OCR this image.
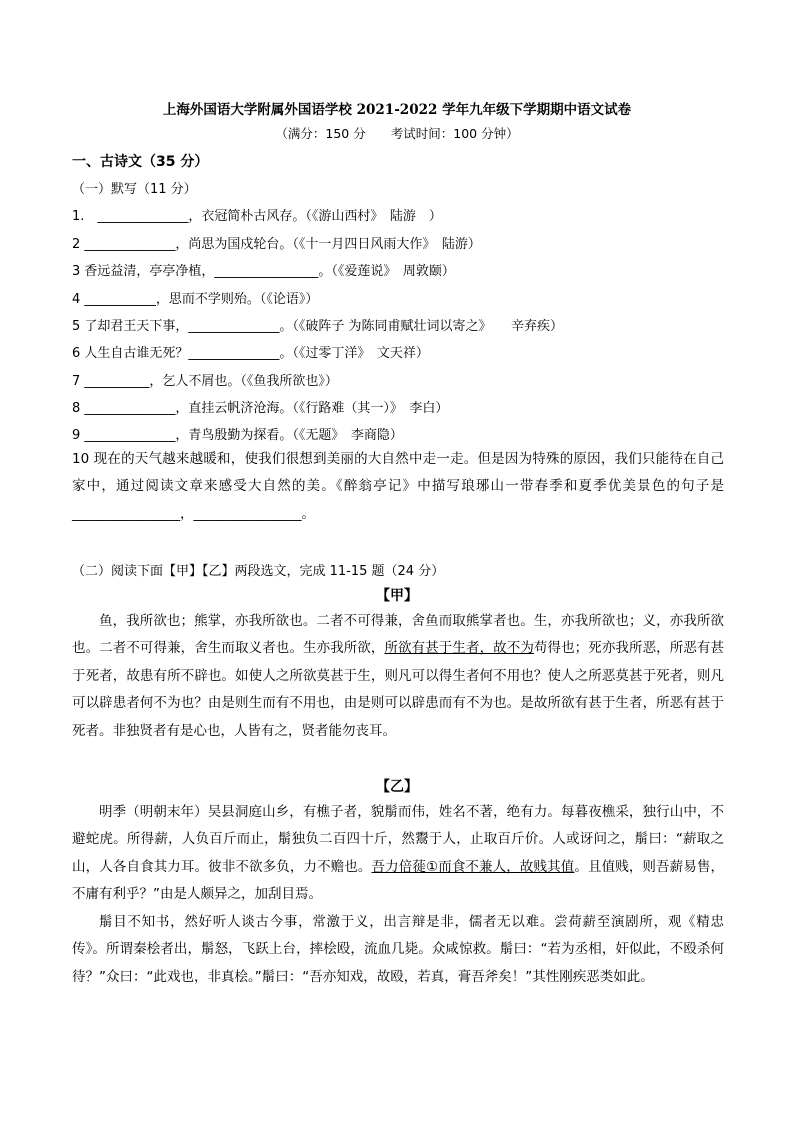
上海外国语大学附属外国语学校 2021-2022 学年九年级下学期期中语文试卷
（满分：150 分　　考试时间：100 分钟）
一、古诗文（35 分）
（一）默写（11 分）
1.　______________，衣冠简朴古风存。（《游山西村》　陆游　）
2 ______________，尚思为国戍轮台。（《十一月四日风雨大作》　陆游）
3 香远益清，亭亭净植，________________。（《爱莲说》　周敦颐）
4 ___________，思而不学则殆。（《论语》）
5 了却君王天下事，______________。（《破阵子 为陈同甫赋壮词以寄之》　　辛弃疾）
6 人生自古谁无死？______________。（《过零丁洋》　文天祥）
7 __________，乞人不屑也。（《鱼我所欲也》）
8 ______________，直挂云帆济沧海。（《行路难（其一）》　李白）
9 ______________，青鸟殷勤为探看。（《无题》　李商隐）
10 现在的天气越来越暖和，使我们很想到美丽的大自然中走一走。但是因为特殊的原因，我们只能待在自己家中，通过阅读文章来感受大自然的美。《醉翁亭记》中描写琅琊山一带春季和夏季优美景色的句子是________________，________________。
（二）阅读下面【甲】【乙】两段选文，完成 11-15 题（24 分）
【甲】
鱼，我所欲也；熊掌，亦我所欲也。二者不可得兼，舍鱼而取熊掌者也。生，亦我所欲也；义，亦我所欲也。二者不可得兼，舍生而取义者也。生亦我所欲，所欲有甚于生者，故不为苟得也；死亦我所恶，所恶有甚于死者，故患有所不辟也。如使人之所欲莫甚于生，则凡可以得生者何不用也？使人之所恶莫甚于死者，则凡可以辟患者何不为也？由是则生而有不用也，由是则可以辟患而有不为也。是故所欲有甚于生者，所恶有甚于死者。非独贤者有是心也，人皆有之，贤者能勿丧耳。
【乙】
明季（明朝末年）吴县洞庭山乡，有樵子者，貌鬅而伟，姓名不著，绝有力。每暮夜樵采，独行山中，不避蛇虎。所得薪，人负百斤而止，鬅独负二百四十斤，然鬻于人，止取百斤价。人或讶问之，鬅曰：“薪取之山，人各自食其力耳。彼非不欲多负，力不赡也。吾力倍蓰①而食不兼人，故贱其值。且值贱，则吾薪易售，不庸有利乎？”由是人颇异之，加刮目焉。
鬅目不知书，然好听人谈古今事，常激于义，出言辩是非，儒者无以难。尝荷薪至演剧所，观《精忠传》。所谓秦桧者出，鬅怒，飞跃上台，摔桧殴，流血几毙。众咸惊救。鬅曰：“若为丞相，奸似此，不殴杀何待？”众曰：“此戏也，非真桧。”鬅曰：“吾亦知戏，故殴，若真，膏吾斧矣！”其性刚疾恶类如此。
